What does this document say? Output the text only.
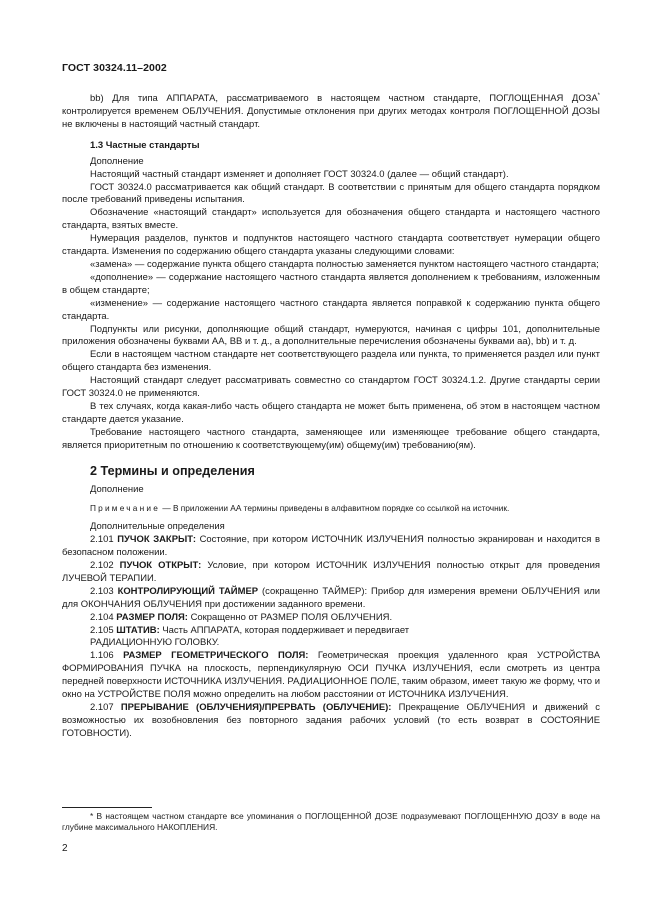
ГОСТ 30324.11–2002

bb) Для типа АППАРАТА, рассматриваемого в настоящем частном стандарте, ПОГЛОЩЕННАЯ ДОЗА* контролируется временем ОБЛУЧЕНИЯ. Допустимые отклонения при других методах контроля ПОГЛОЩЕННОЙ ДОЗЫ не включены в настоящий частный стандарт.

1.3 Частные стандарты

Дополнение

Настоящий частный стандарт изменяет и дополняет ГОСТ 30324.0 (далее — общий стандарт).

ГОСТ 30324.0 рассматривается как общий стандарт. В соответствии с принятым для общего стандарта порядком после требований приведены испытания.

Обозначение «настоящий стандарт» используется для обозначения общего стандарта и настоящего частного стандарта, взятых вместе.

Нумерация разделов, пунктов и подпунктов настоящего частного стандарта соответствует нумерации общего стандарта. Изменения по содержанию общего стандарта указаны следующими словами:

«замена» — содержание пункта общего стандарта полностью заменяется пунктом настоящего частного стандарта;

«дополнение» — содержание настоящего частного стандарта является дополнением к требованиям, изложенным в общем стандарте;

«изменение» — содержание настоящего частного стандарта является поправкой к содержанию пункта общего стандарта.

Подпункты или рисунки, дополняющие общий стандарт, нумеруются, начиная с цифры 101, дополнительные приложения обозначены буквами АА, ВВ и т. д., а дополнительные перечисления обозначены буквами аа), bb) и т. д.

Если в настоящем частном стандарте нет соответствующего раздела или пункта, то применяется раздел или пункт общего стандарта без изменения.

Настоящий стандарт следует рассматривать совместно со стандартом ГОСТ 30324.1.2. Другие стандарты серии ГОСТ 30324.0 не применяются.

В тех случаях, когда какая-либо часть общего стандарта не может быть применена, об этом в настоящем частном стандарте дается указание.

Требование настоящего частного стандарта, заменяющее или изменяющее требование общего стандарта, является приоритетным по отношению к соответствующему(им) общему(им) требованию(ям).

2 Термины и определения

Дополнение

Примечание — В приложении АА термины приведены в алфавитном порядке со ссылкой на источник.

Дополнительные определения

2.101 ПУЧОК ЗАКРЫТ: Состояние, при котором ИСТОЧНИК ИЗЛУЧЕНИЯ полностью экранирован и находится в безопасном положении.

2.102 ПУЧОК ОТКРЫТ: Условие, при котором ИСТОЧНИК ИЗЛУЧЕНИЯ полностью открыт для проведения ЛУЧЕВОЙ ТЕРАПИИ.

2.103 КОНТРОЛИРУЮЩИЙ ТАЙМЕР (сокращенно ТАЙМЕР): Прибор для измерения времени ОБЛУЧЕНИЯ или для ОКОНЧАНИЯ ОБЛУЧЕНИЯ при достижении заданного времени.

2.104 РАЗМЕР ПОЛЯ: Сокращенно от РАЗМЕР ПОЛЯ ОБЛУЧЕНИЯ.

2.105 ШТАТИВ: Часть АППАРАТА, которая поддерживает и передвигает

РАДИАЦИОННУЮ ГОЛОВКУ.

1.106 РАЗМЕР ГЕОМЕТРИЧЕСКОГО ПОЛЯ: Геометрическая проекция удаленного края УСТРОЙСТВА ФОРМИРОВАНИЯ ПУЧКА на плоскость, перпендикулярную ОСИ ПУЧКА ИЗЛУЧЕНИЯ, если смотреть из центра передней поверхности ИСТОЧНИКА ИЗЛУЧЕНИЯ. РАДИАЦИОННОЕ ПОЛЕ, таким образом, имеет такую же форму, что и окно на УСТРОЙСТВЕ ПОЛЯ можно определить на любом расстоянии от ИСТОЧНИКА ИЗЛУЧЕНИЯ.

2.107 ПРЕРЫВАНИЕ (ОБЛУЧЕНИЯ)/ПРЕРВАТЬ (ОБЛУЧЕНИЕ): Прекращение ОБЛУЧЕНИЯ и движений с возможностью их возобновления без повторного задания рабочих условий (то есть возврат в СОСТОЯНИЕ ГОТОВНОСТИ).

* В настоящем частном стандарте все упоминания о ПОГЛОЩЕННОЙ ДОЗЕ подразумевают ПОГЛОЩЕННУЮ ДОЗУ в воде на глубине максимального НАКОПЛЕНИЯ.
2
